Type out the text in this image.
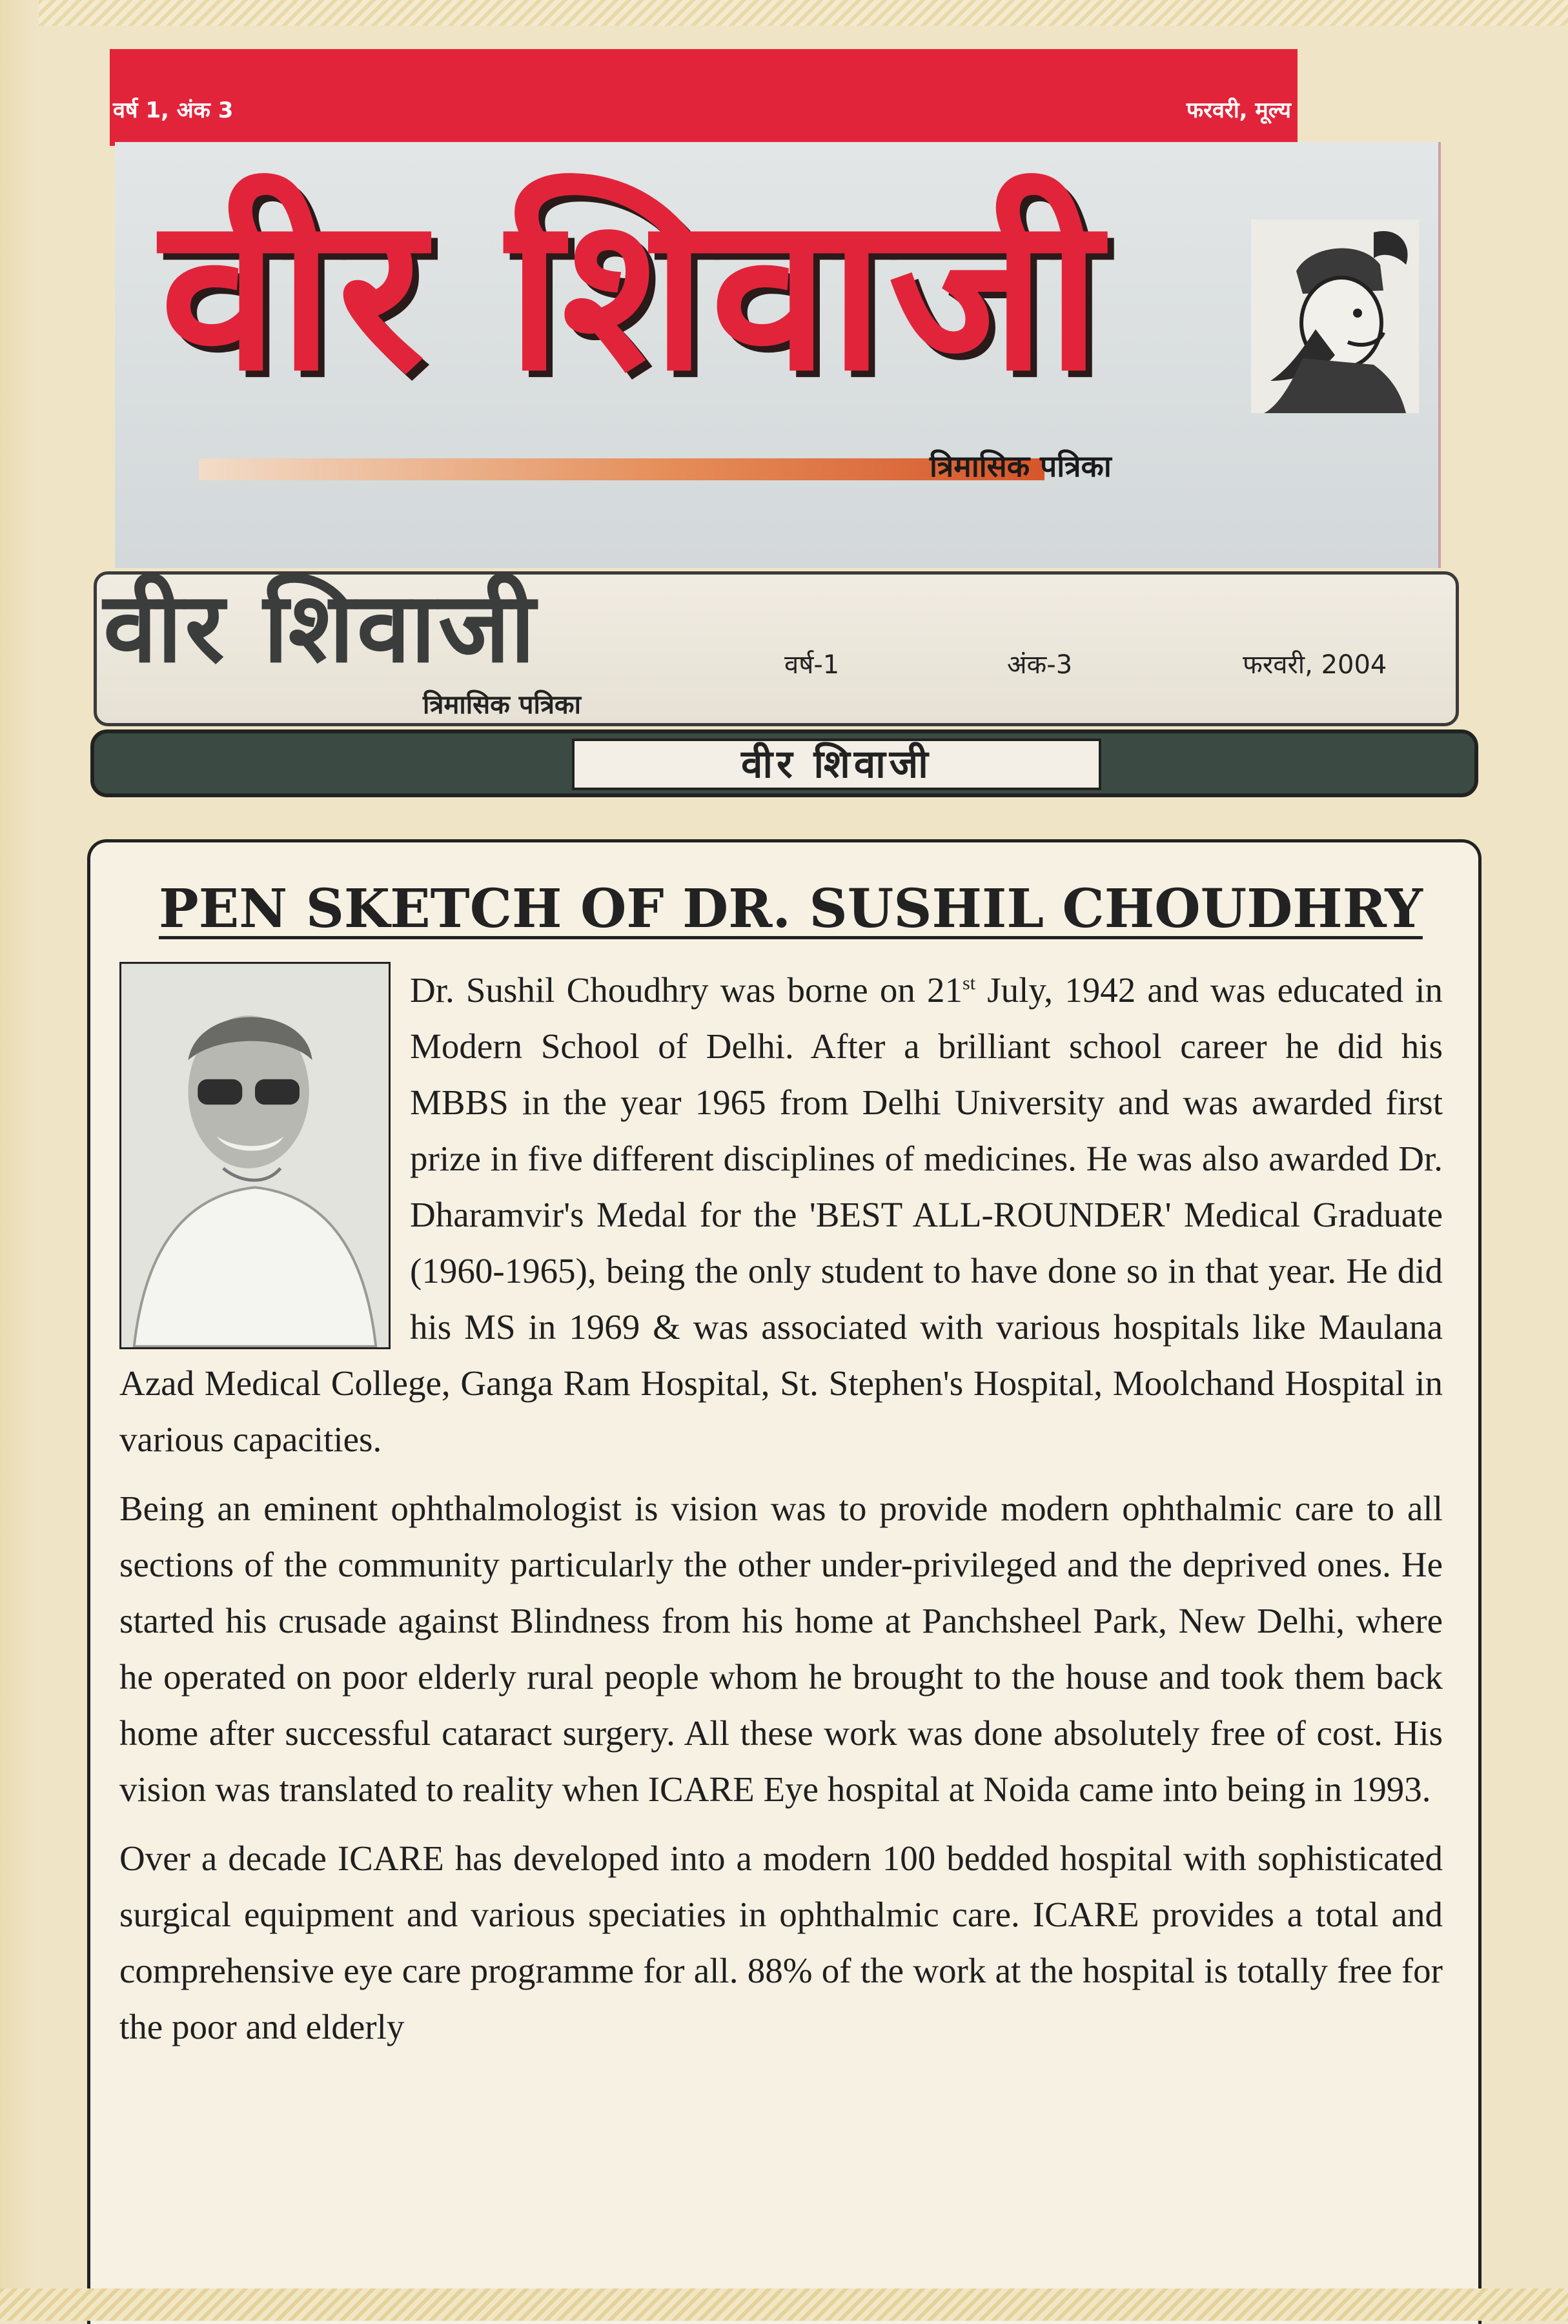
वर्ष 1, अंक 3	फरवरी, मूल्य
वीर शिवाजी
त्रिमासिक पत्रिका
वीर शिवाजी
त्रिमासिक पत्रिका
वर्ष-1	अंक-3	फरवरी, 2004
वीर शिवाजी
PEN SKETCH OF DR. SUSHIL CHOUDHRY

Dr. Sushil Choudhry was borne on 21st July, 1942 and was educated in Modern School of Delhi. After a brilliant school career he did his MBBS in the year 1965 from Delhi University and was awarded first prize in five different disciplines of medicines. He was also awarded Dr. Dharamvir's Medal for the 'BEST ALL-ROUNDER' Medical Graduate (1960-1965), being the only student to have done so in that year. He did his MS in 1969 & was associated with various hospitals like Maulana Azad Medical College, Ganga Ram Hospital, St. Stephen's Hospital, Moolchand Hospital in various capacities.

Being an eminent ophthalmologist is vision was to provide modern ophthalmic care to all sections of the community particularly the other under-privileged and the deprived ones. He started his crusade against Blindness from his home at Panchsheel Park, New Delhi, where he operated on poor elderly rural people whom he brought to the house and took them back home after successful cataract surgery. All these work was done absolutely free of cost. His vision was translated to reality when ICARE Eye hospital at Noida came into being in 1993.

Over a decade ICARE has developed into a modern 100 bedded hospital with sophisticated surgical equipment and various speciaties in ophthalmic care. ICARE provides a total and comprehensive eye care programme for all. 88% of the work at the hospital is totally free for the poor and elderly
